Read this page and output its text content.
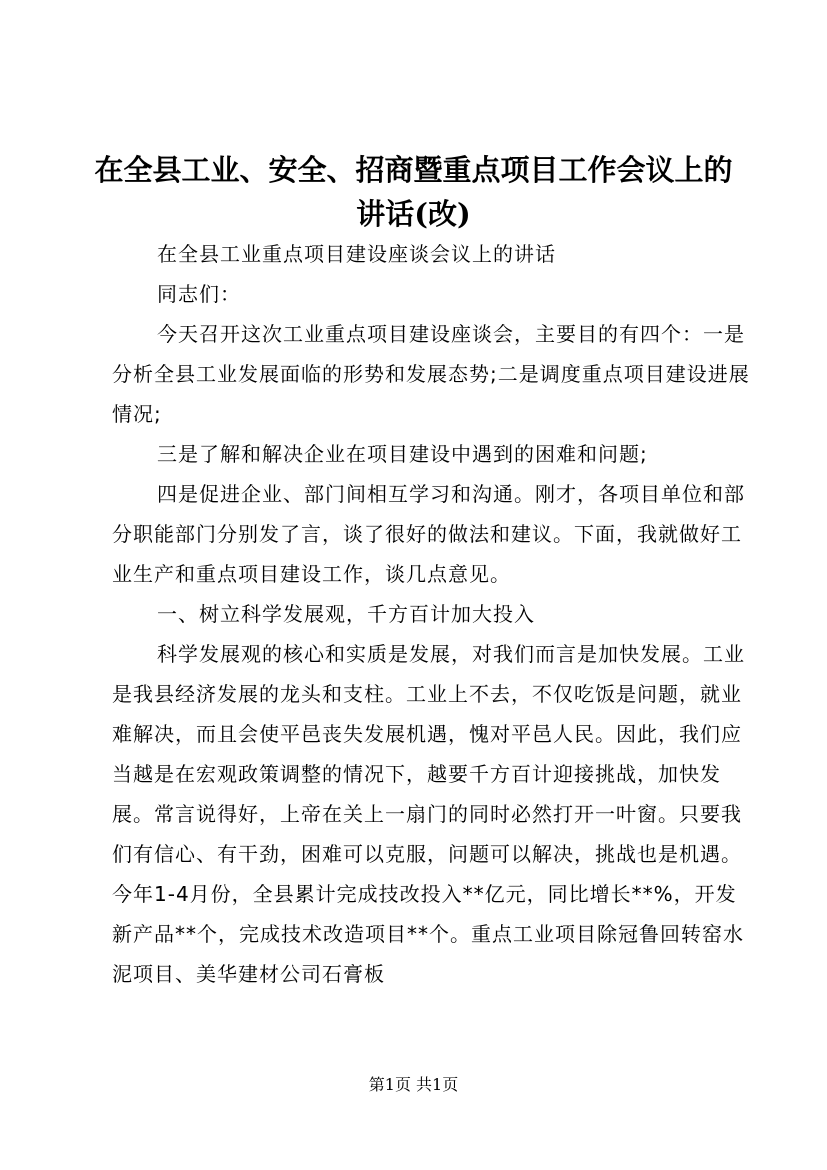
在全县工业、安全、招商暨重点项目工作会议上的讲话(改)

在全县工业重点项目建设座谈会议上的讲话

同志们：

今天召开这次工业重点项目建设座谈会，主要目的有四个：一是分析全县工业发展面临的形势和发展态势;二是调度重点项目建设进展情况;

三是了解和解决企业在项目建设中遇到的困难和问题;

四是促进企业、部门间相互学习和沟通。刚才，各项目单位和部分职能部门分别发了言，谈了很好的做法和建议。下面，我就做好工业生产和重点项目建设工作，谈几点意见。

一、树立科学发展观，千方百计加大投入

科学发展观的核心和实质是发展，对我们而言是加快发展。工业是我县经济发展的龙头和支柱。工业上不去，不仅吃饭是问题，就业难解决，而且会使平邑丧失发展机遇，愧对平邑人民。因此，我们应当越是在宏观政策调整的情况下，越要千方百计迎接挑战，加快发展。常言说得好，上帝在关上一扇门的同时必然打开一叶窗。只要我们有信心、有干劲，困难可以克服，问题可以解决，挑战也是机遇。今年1-4月份，全县累计完成技改投入**亿元，同比增长**%，开发新产品**个，完成技术改造项目**个。重点工业项目除冠鲁回转窑水泥项目、美华建材公司石膏板

第1页 共1页
